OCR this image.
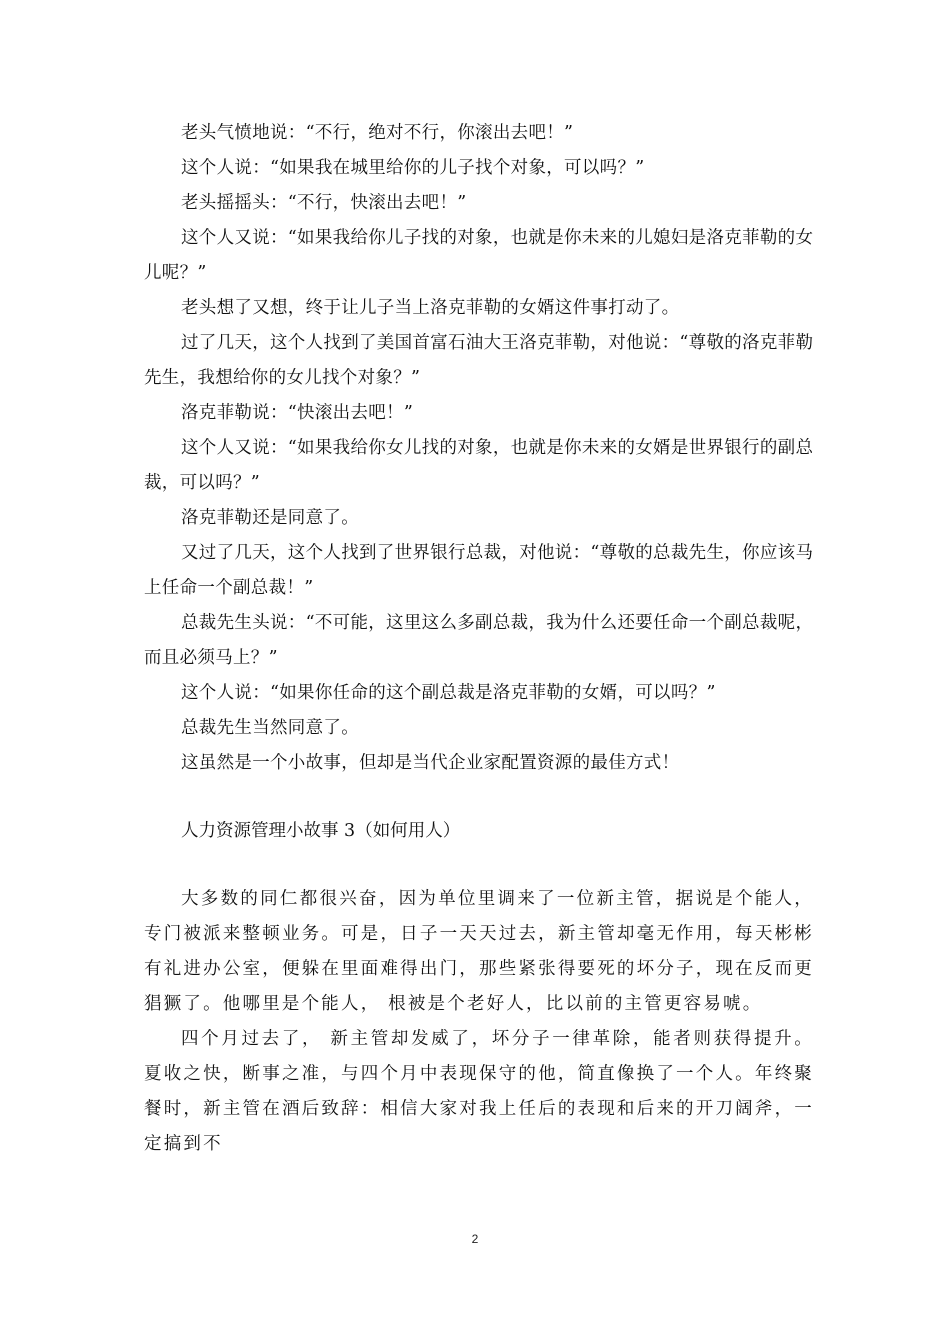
老头气愤地说：“不行，绝对不行，你滚出去吧！”

这个人说：“如果我在城里给你的儿子找个对象，可以吗？”

老头摇摇头：“不行，快滚出去吧！”

这个人又说：“如果我给你儿子找的对象，也就是你未来的儿媳妇是洛克菲勒的女儿呢？”

老头想了又想，终于让儿子当上洛克菲勒的女婿这件事打动了。

过了几天，这个人找到了美国首富石油大王洛克菲勒，对他说：“尊敬的洛克菲勒先生，我想给你的女儿找个对象？”

洛克菲勒说：“快滚出去吧！”

这个人又说：“如果我给你女儿找的对象，也就是你未来的女婿是世界银行的副总裁，可以吗？”

洛克菲勒还是同意了。

又过了几天，这个人找到了世界银行总裁，对他说：“尊敬的总裁先生，你应该马上任命一个副总裁！”

总裁先生头说：“不可能，这里这么多副总裁，我为什么还要任命一个副总裁呢，而且必须马上？”

这个人说：“如果你任命的这个副总裁是洛克菲勒的女婿，可以吗？”

总裁先生当然同意了。

这虽然是一个小故事，但却是当代企业家配置资源的最佳方式！

人力资源管理小故事 3（如何用人）

大多数的同仁都很兴奋，因为单位里调来了一位新主管，据说是个能人，专门被派来整顿业务。可是，日子一天天过去，新主管却毫无作用，每天彬彬有礼进办公室，便躲在里面难得出门，那些紧张得要死的坏分子，现在反而更猖獗了。他哪里是个能人， 根被是个老好人，比以前的主管更容易唬。

四个月过去了， 新主管却发威了，坏分子一律革除，能者则获得提升。夏收之快，断事之准，与四个月中表现保守的他，简直像换了一个人。年终聚餐时，新主管在酒后致辞：相信大家对我上任后的表现和后来的开刀阔斧，一定搞到不

2
